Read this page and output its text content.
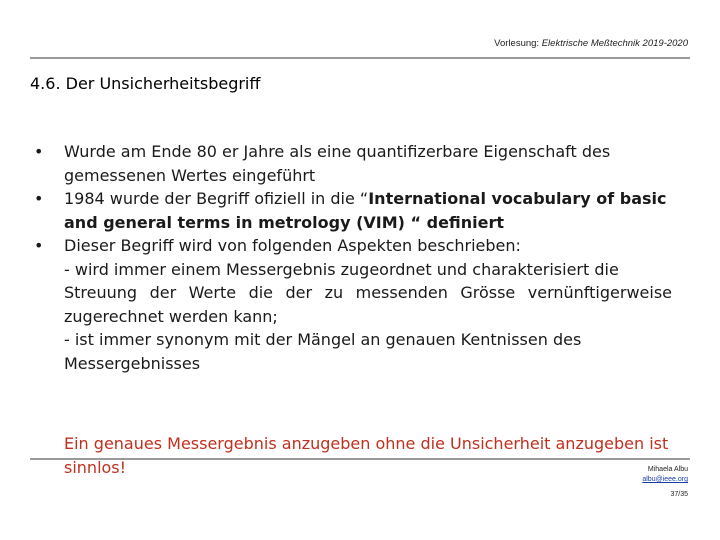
Vorlesung: Elektrische Meßtechnik 2019-2020
4.6. Der Unsicherheitsbegriff
Wurde am Ende 80 er Jahre als eine quantifizerbare Eigenschaft des gemessenen Wertes eingeführt
1984 wurde der Begriff ofiziell in die “International vocabulary of basic and general terms in metrology (VIM) “ definiert
Dieser Begriff wird von folgenden Aspekten beschrieben:
- wird immer einem Messergebnis zugeordnet und charakterisiert die
Streuung der Werte die der zu messenden Grösse vernünftigerweise
zugerechnet werden kann;
- ist immer synonym mit der Mängel an genauen Kentnissen des Messergebnisses
Ein genaues Messergebnis anzugeben ohne die Unsicherheit anzugeben ist sinnlos!	Mihaela Albu
albu@ieee.org
37/35
